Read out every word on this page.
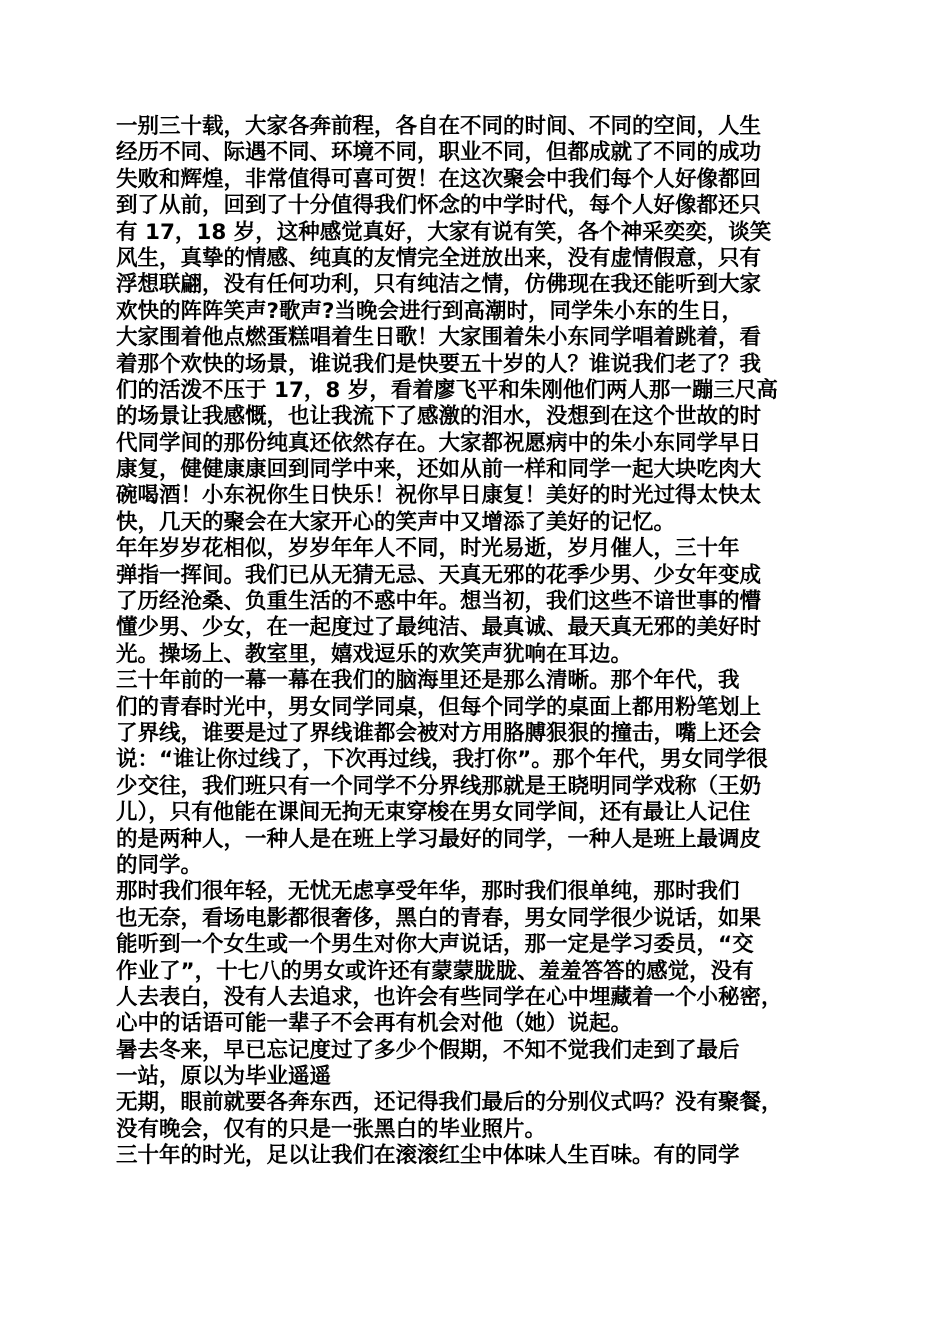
一别三十载，大家各奔前程，各自在不同的时间、不同的空间，人生
经历不同、际遇不同、环境不同，职业不同，但都成就了不同的成功
失败和辉煌，非常值得可喜可贺！在这次聚会中我们每个人好像都回
到了从前，回到了十分值得我们怀念的中学时代，每个人好像都还只
有 17，18 岁，这种感觉真好，大家有说有笑，各个神采奕奕，谈笑
风生，真挚的情感、纯真的友情完全迸放出来，没有虚情假意，只有
浮想联翩，没有任何功利，只有纯洁之情，仿佛现在我还能听到大家
欢快的阵阵笑声?歌声?当晚会进行到高潮时，同学朱小东的生日，
大家围着他点燃蛋糕唱着生日歌！大家围着朱小东同学唱着跳着，看
着那个欢快的场景，谁说我们是快要五十岁的人？谁说我们老了？我
们的活泼不压于 17，8 岁，看着廖飞平和朱刚他们两人那一蹦三尺高
的场景让我感慨，也让我流下了感激的泪水，没想到在这个世故的时
代同学间的那份纯真还依然存在。大家都祝愿病中的朱小东同学早日
康复，健健康康回到同学中来，还如从前一样和同学一起大块吃肉大
碗喝酒！小东祝你生日快乐！祝你早日康复！美好的时光过得太快太
快，几天的聚会在大家开心的笑声中又增添了美好的记忆。
年年岁岁花相似，岁岁年年人不同，时光易逝，岁月催人，三十年
弹指一挥间。我们已从无猜无忌、天真无邪的花季少男、少女年变成
了历经沧桑、负重生活的不惑中年。想当初，我们这些不谙世事的懵
懂少男、少女，在一起度过了最纯洁、最真诚、最天真无邪的美好时
光。操场上、教室里，嬉戏逗乐的欢笑声犹响在耳边。
三十年前的一幕一幕在我们的脑海里还是那么清晰。那个年代，我
们的青春时光中，男女同学同桌，但每个同学的桌面上都用粉笔划上
了界线，谁要是过了界线谁都会被对方用胳膊狠狠的撞击，嘴上还会
说：“谁让你过线了，下次再过线，我打你”。那个年代，男女同学很
少交往，我们班只有一个同学不分界线那就是王晓明同学戏称（王奶
儿），只有他能在课间无拘无束穿梭在男女同学间，还有最让人记住
的是两种人，一种人是在班上学习最好的同学，一种人是班上最调皮
的同学。
那时我们很年轻，无忧无虑享受年华，那时我们很单纯，那时我们
也无奈，看场电影都很奢侈，黑白的青春，男女同学很少说话，如果
能听到一个女生或一个男生对你大声说话，那一定是学习委员，“交
作业了”，十七八的男女或许还有蒙蒙胧胧、羞羞答答的感觉，没有
人去表白，没有人去追求，也许会有些同学在心中埋藏着一个小秘密，
心中的话语可能一辈子不会再有机会对他（她）说起。
暑去冬来，早已忘记度过了多少个假期，不知不觉我们走到了最后
一站，原以为毕业遥遥
无期，眼前就要各奔东西，还记得我们最后的分别仪式吗？没有聚餐，
没有晚会，仅有的只是一张黑白的毕业照片。
三十年的时光，足以让我们在滚滚红尘中体味人生百味。有的同学
